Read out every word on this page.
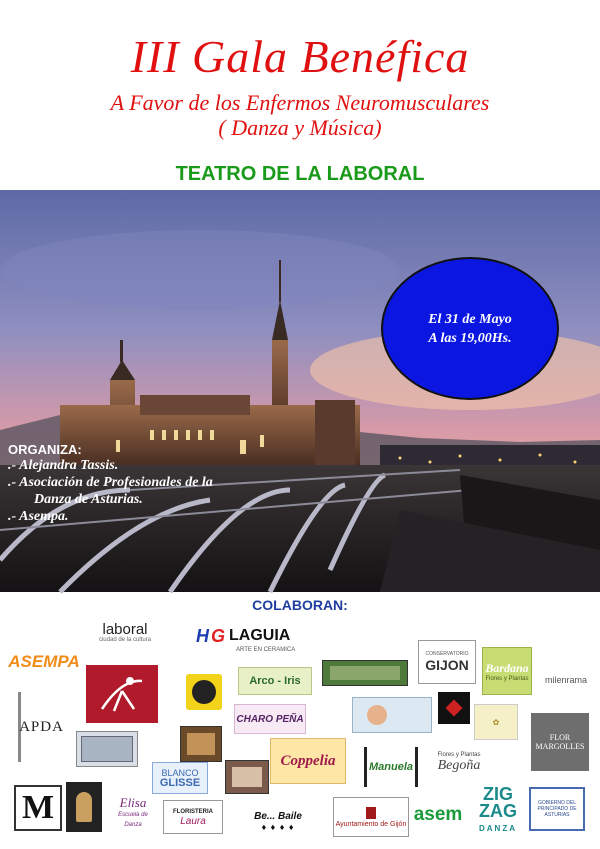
III Gala Benéfica
A Favor de los Enfermos Neuromusculares
( Danza y Música)
TEATRO DE LA LABORAL
El 31 de Mayo
A las 19,00Hs.
ORGANIZA:
.- Alejandra Tassis.
.- Asociación de Profesionales de la
Danza de Asturias.
.- Asempa.
COLABORAN:
laboral
ciudad de la cultura H G LAGUIA
ARTE EN CERAMICA
CONSERVATORIO
GIJON Bardana
Flores y Plantas milenrama
ASEMPA
Arco - Iris
APDA	CHARO PEÑA	✿
FLOR MARGOLLES
Coppelia	Manuela
Flores y Plantas
Begoña
BLANCO
GLISSE
M	Elisa
Escuela de Danza
FLORISTERIA
Laura	Be... Baile
♦ ♦ ♦ ♦	Ayuntamiento de Gijón asem
ZIG
ZAG
DANZA
GOBIERNO DEL PRINCIPADO DE ASTURIAS
